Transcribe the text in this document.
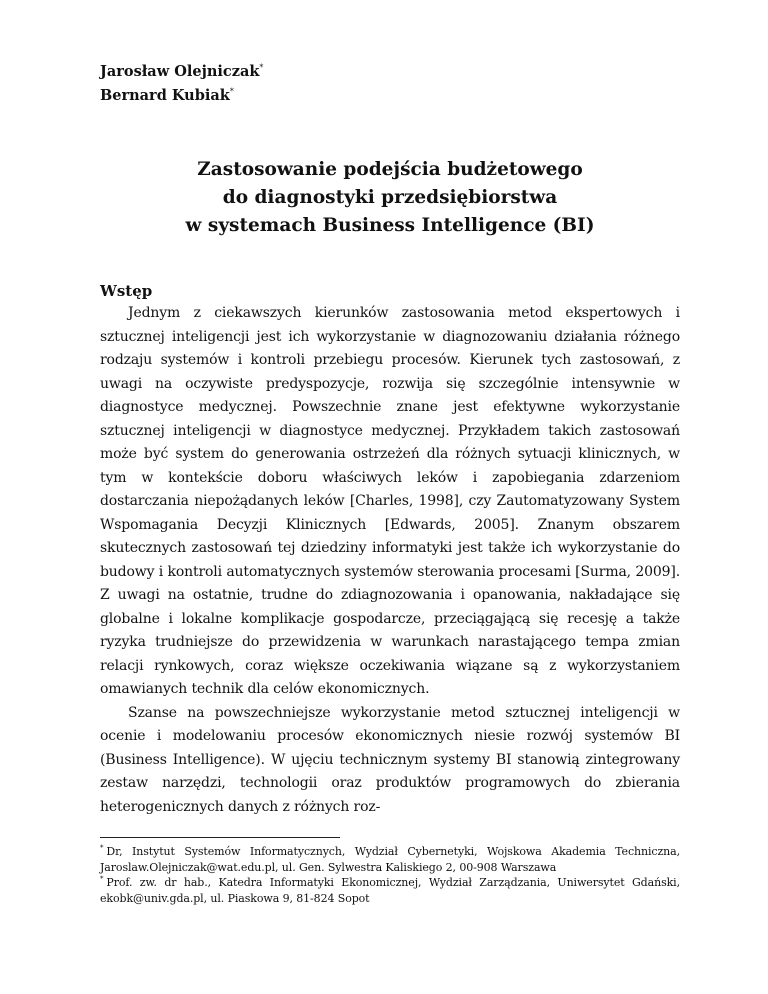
Jarosław Olejniczak*
Bernard Kubiak*
Zastosowanie podejścia budżetowego
do diagnostyki przedsiębiorstwa
w systemach Business Intelligence (BI)
Wstęp

Jednym z ciekawszych kierunków zastosowania metod ekspertowych i sztucznej inteligencji jest ich wykorzystanie w diagnozowaniu działania różnego rodzaju systemów i kontroli przebiegu procesów. Kierunek tych zastosowań, z uwagi na oczywiste predyspozycje, rozwija się szczególnie intensywnie w diagnostyce medycznej. Powszechnie znane jest efektywne wykorzystanie sztucznej inteligencji w diagnostyce medycznej. Przykładem takich zastosowań może być system do generowania ostrzeżeń dla różnych sytuacji klinicznych, w tym w kontekście doboru właściwych leków i zapobiegania zdarzeniom dostarczania niepożądanych leków [Charles, 1998], czy Zautomatyzowany System Wspomagania Decyzji Klinicznych [Edwards, 2005]. Znanym obszarem skutecznych zastosowań tej dziedziny informatyki jest także ich wykorzystanie do budowy i kontroli automatycznych systemów sterowania procesami [Surma, 2009]. Z uwagi na ostatnie, trudne do zdiagnozowania i opanowania, nakładające się globalne i lokalne komplikacje gospodarcze, przeciągającą się recesję a także ryzyka trudniejsze do przewidzenia w warunkach narastającego tempa zmian relacji rynkowych, coraz większe oczekiwania wiązane są z wykorzystaniem omawianych technik dla celów ekonomicznych.

Szanse na powszechniejsze wykorzystanie metod sztucznej inteligencji w ocenie i modelowaniu procesów ekonomicznych niesie rozwój systemów BI (Business Intelligence). W ujęciu technicznym systemy BI stanowią zintegrowany zestaw narzędzi, technologii oraz produktów programowych do zbierania heterogenicznych danych z różnych roz-

* Dr, Instytut Systemów Informatycznych, Wydział Cybernetyki, Wojskowa Akademia Techniczna, Jaroslaw.Olejniczak@wat.edu.pl, ul. Gen. Sylwestra Kaliskiego 2, 00-908 Warszawa
* Prof. zw. dr hab., Katedra Informatyki Ekonomicznej, Wydział Zarządzania, Uniwersytet Gdański, ekobk@univ.gda.pl, ul. Piaskowa 9, 81-824 Sopot
